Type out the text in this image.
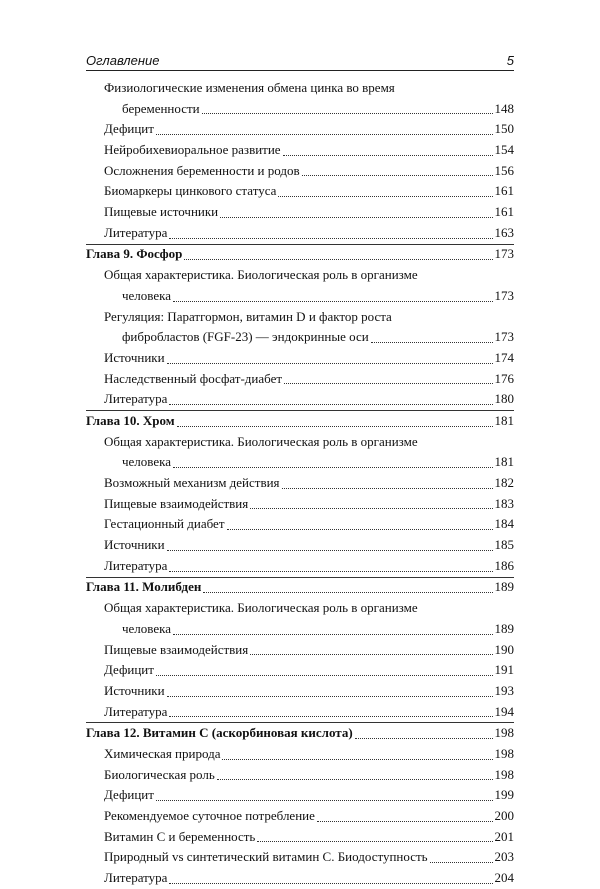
Оглавление	5
Физиологические изменения обмена цинка во время
беременности	148
Дефицит	150
Нейробихевиоральное развитие	154
Осложнения беременности и родов	156
Биомаркеры цинкового статуса	161
Пищевые источники	161
Литература	163
Глава 9. Фосфор	173
Общая характеристика. Биологическая роль в организме
человека	173
Регуляция: Паратгормон, витамин D и фактор роста
фибробластов (FGF-23) — эндокринные оси	173
Источники	174
Наследственный фосфат-диабет	176
Литература	180
Глава 10. Хром	181
Общая характеристика. Биологическая роль в организме
человека	181
Возможный механизм действия	182
Пищевые взаимодействия	183
Гестационный диабет	184
Источники	185
Литература	186
Глава 11. Молибден	189
Общая характеристика. Биологическая роль в организме
человека	189
Пищевые взаимодействия	190
Дефицит	191
Источники	193
Литература	194
Глава 12. Витамин С (аскорбиновая кислота)	198
Химическая природа	198
Биологическая роль	198
Дефицит	199
Рекомендуемое суточное потребление	200
Витамин С и беременность	201
Природный vs синтетический витамин С. Биодоступность	203
Литература	204
